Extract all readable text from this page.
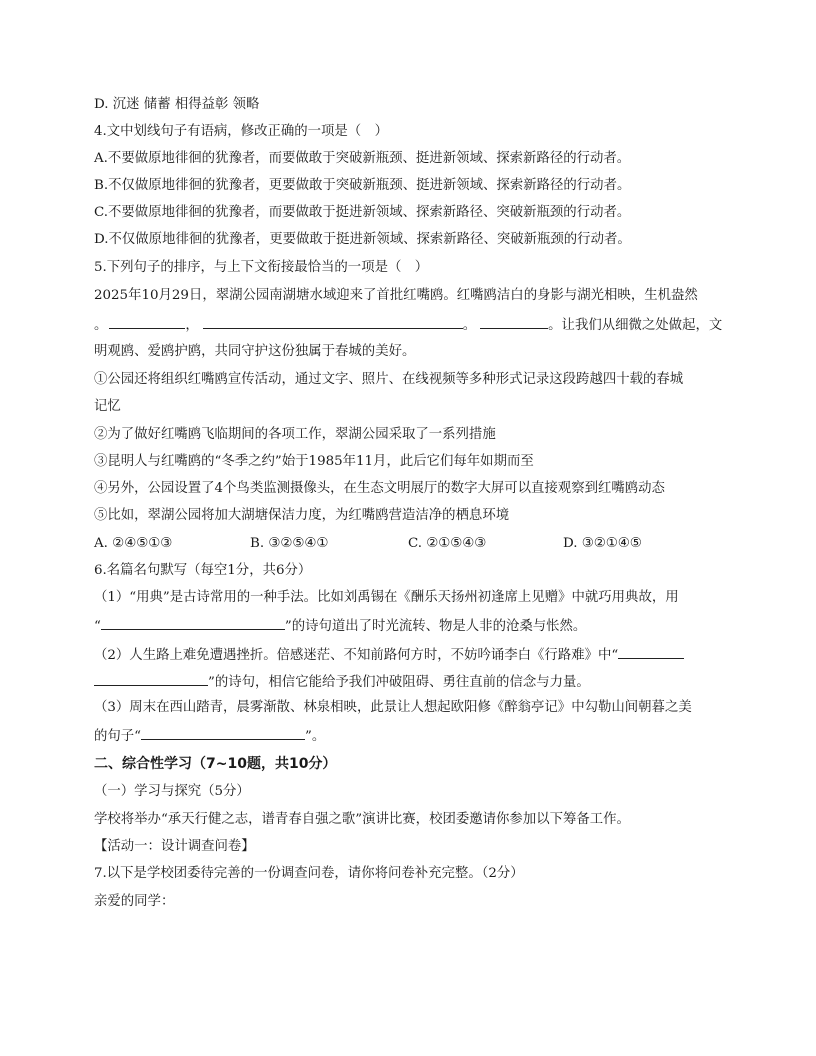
D. 沉迷 储蓄 相得益彰 领略
4.文中划线句子有语病，修改正确的一项是（　）
A.不要做原地徘徊的犹豫者，而要做敢于突破新瓶颈、挺进新领域、探索新路径的行动者。
B.不仅做原地徘徊的犹豫者，更要做敢于突破新瓶颈、挺进新领域、探索新路径的行动者。
C.不要做原地徘徊的犹豫者，而要做敢于挺进新领域、探索新路径、突破新瓶颈的行动者。
D.不仅做原地徘徊的犹豫者，更要做敢于挺进新领域、探索新路径、突破新瓶颈的行动者。
5.下列句子的排序，与上下文衔接最恰当的一项是（　）
2025年10月29日，翠湖公园南湖塘水域迎来了首批红嘴鸥。红嘴鸥洁白的身影与湖光相映，生机盎然
。	，	。	。让我们从细微之处做起，文
明观鸥、爱鸥护鸥，共同守护这份独属于春城的美好。
①公园还将组织红嘴鸥宣传活动，通过文字、照片、在线视频等多种形式记录这段跨越四十载的春城
记忆
②为了做好红嘴鸥飞临期间的各项工作，翠湖公园采取了一系列措施
③昆明人与红嘴鸥的“冬季之约”始于1985年11月，此后它们每年如期而至
④另外，公园设置了4个鸟类监测摄像头，在生态文明展厅的数字大屏可以直接观察到红嘴鸥动态
⑤比如，翠湖公园将加大湖塘保洁力度，为红嘴鸥营造洁净的栖息环境
A. ②④⑤①③	B. ③②⑤④①	C. ②①⑤④③	D. ③②①④⑤
6.名篇名句默写（每空1分，共6分）
（1）“用典”是古诗常用的一种手法。比如刘禹锡在《酬乐天扬州初逢席上见赠》中就巧用典故，用
“	”的诗句道出了时光流转、物是人非的沧桑与怅然。
（2）人生路上难免遭遇挫折。倍感迷茫、不知前路何方时，不妨吟诵李白《行路难》中“
”的诗句，相信它能给予我们冲破阻碍、勇往直前的信念与力量。
（3）周末在西山踏青，晨雾渐散、林泉相映，此景让人想起欧阳修《醉翁亭记》中勾勒山间朝暮之美
的句子“	”。
二、综合性学习（7~10题，共10分）
（一）学习与探究（5分）
学校将举办“承天行健之志，谱青春自强之歌”演讲比赛，校团委邀请你参加以下筹备工作。
【活动一：设计调查问卷】
7.以下是学校团委待完善的一份调查问卷，请你将问卷补充完整。（2分）
亲爱的同学：
